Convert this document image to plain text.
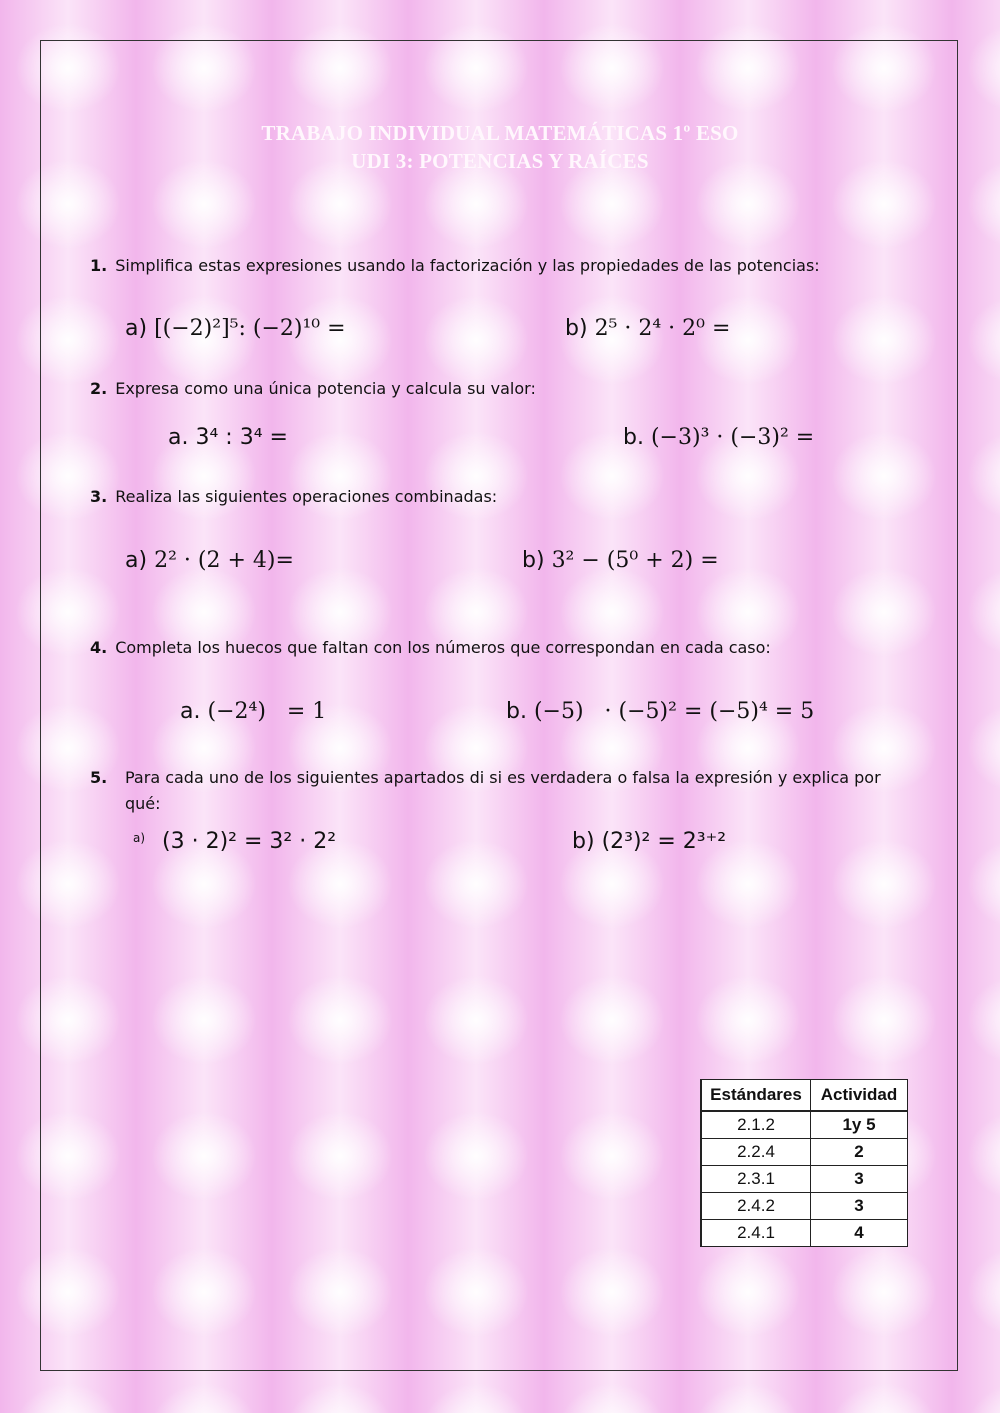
TRABAJO INDIVIDUAL MATEMÁTICAS 1º ESO
UDI 3: POTENCIAS Y RAÍCES
1. Simplifica estas expresiones usando la factorización y las propiedades de las potencias:
a) [(−2)²]⁵: (−2)¹⁰ =	b) 2⁵ · 2⁴ · 2⁰ =
2. Expresa como una única potencia y calcula su valor:
a. 3⁴ : 3⁴ =	b. (−3)³ · (−3)² =
3. Realiza las siguientes operaciones combinadas:
a) 2² · (2 + 4)=	b) 3² − (5⁰ + 2) =
4. Completa los huecos que faltan con los números que correspondan en cada caso:
a. (−2⁴)   = 1	b. (−5)   · (−5)² = (−5)⁴ = 5
5. Para cada uno de los siguientes apartados di si es verdadera o falsa la expresión y explica por qué:
$^{a)}$ (3 · 2)² = 3² · 2²	b) (2³)² = 2³⁺²
Estándares	Actividad
2.1.2	1y 5
2.2.4	2
2.3.1	3
2.4.2	3
2.4.1	4
